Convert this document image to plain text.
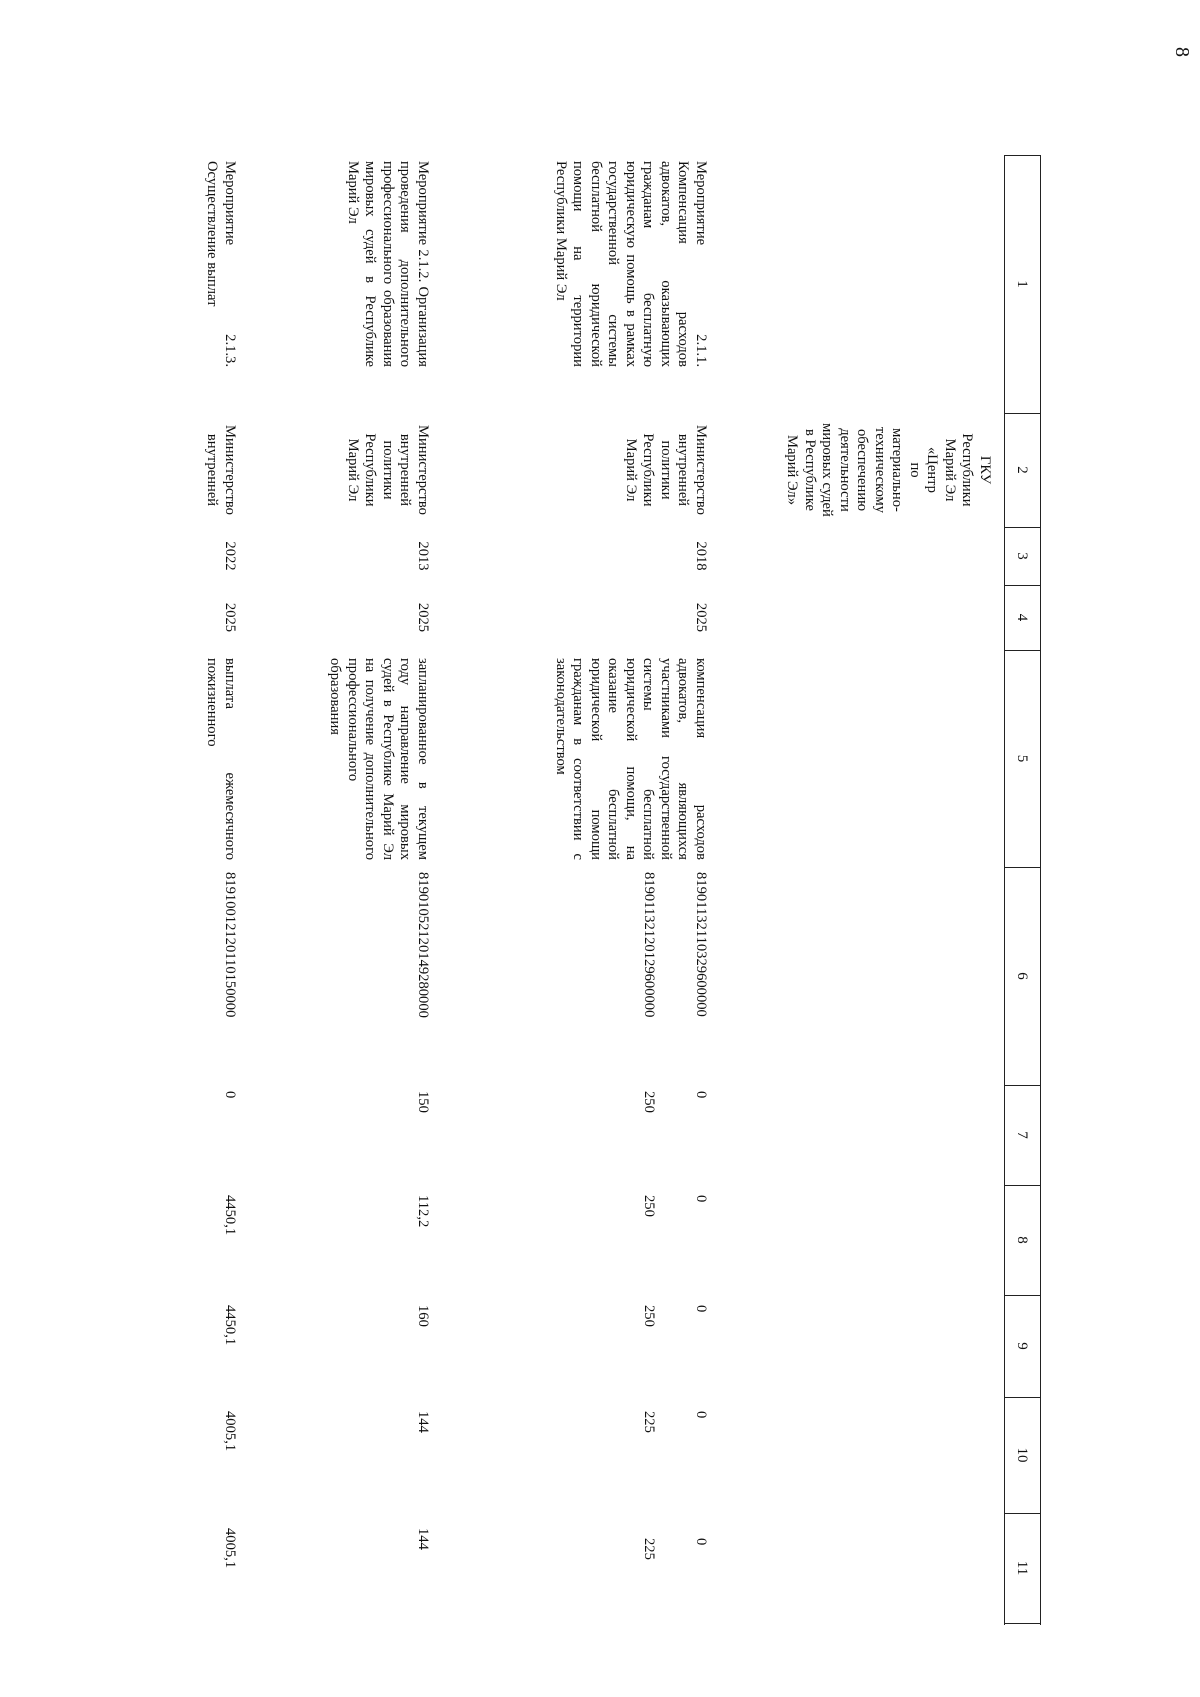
8
1
2
3
4
5
6
7
8
9
10
11
ГКУ
Республики
Марий Эл
«Центр
по
материально-
техническому
обеспечению
деятельности
мировых судей
в Республике
Марий Эл»
Мероприятие 2.1.1. Компенсация расходов адвокатов, оказывающих гражданам бесплатную юридическую помощь в рамках государственной системы бесплатной юридической помощи на территории Республики Марий Эл
Министерство
внутренней
политики
Республики
Марий Эл
2018
2025
компенсация расходов адвокатов, являющихся участниками государственной системы бесплатной юридической помощи, на оказание бесплатной юридической помощи гражданам в соответствии с законодательством
81901132110329600000
81901132120129600000
0
250
0
250
0
250
0
225
0
225
Мероприятие 2.1.2. Организация проведения дополнительного профессионального образования мировых судей в Республике Марий Эл
Министерство
внутренней
политики
Республики
Марий Эл
2013
2025
запланированное в текущем году направление мировых судей в Республике Марий Эл на получение дополнительного профессионального образования
81901052120149280000
150
112,2
160
144
144
Мероприятие 2.1.3. Осуществление выплат
Министерство
внутренней
2022
2025
выплата ежемесячного пожизненного
81910012120110150000
0
4450,1
4450,1
4005,1
4005,1
